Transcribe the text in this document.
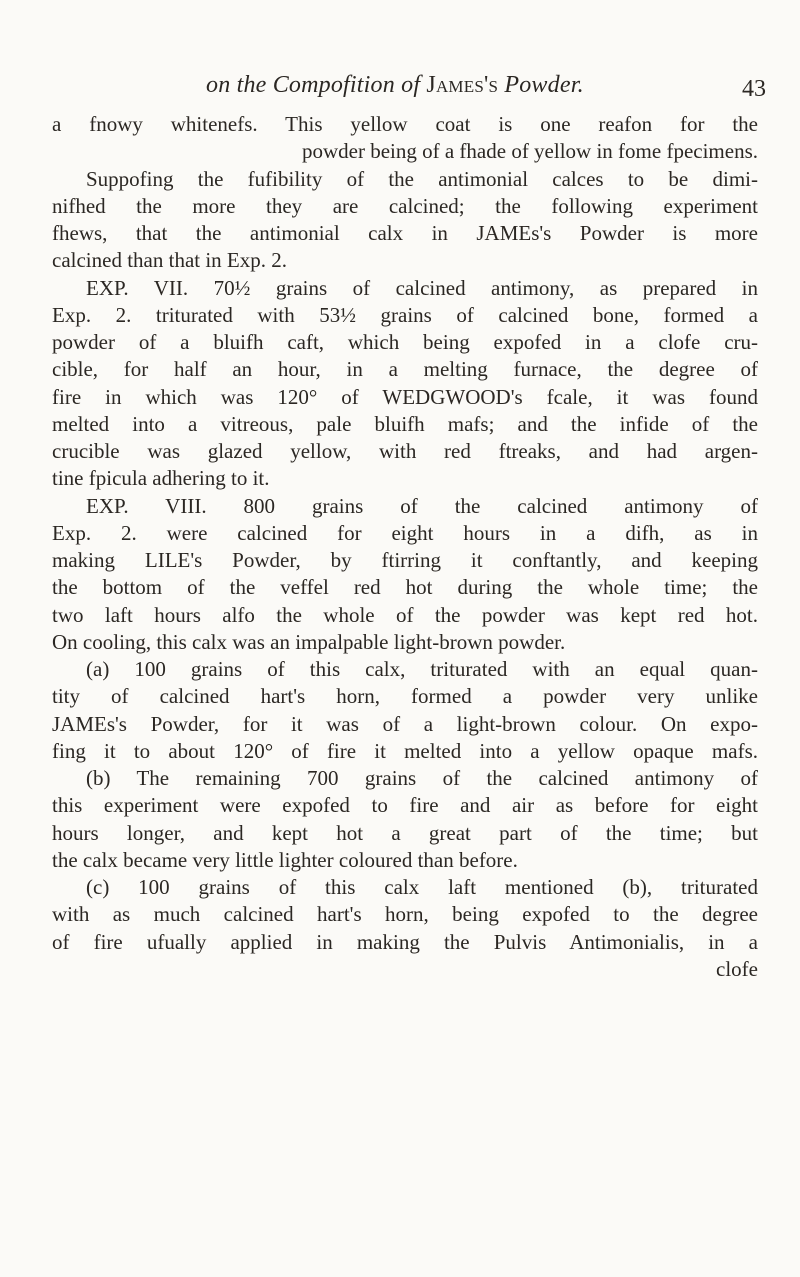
on the Compofition of James's Powder.	43
a fnowy whitenefs. This yellow coat is one reafon for the
powder being of a fhade of yellow in fome fpecimens.
Suppofing the fufibility of the antimonial calces to be dimi-
nifhed the more they are calcined; the following experiment
fhews, that the antimonial calx in JAMEs's Powder is more
calcined than that in Exp. 2.
EXP. VII. 70½ grains of calcined antimony, as prepared in
Exp. 2. triturated with 53½ grains of calcined bone, formed a
powder of a bluifh caft, which being expofed in a clofe cru-
cible, for half an hour, in a melting furnace, the degree of
fire in which was 120° of WEDGWOOD's fcale, it was found
melted into a vitreous, pale bluifh mafs; and the infide of the
crucible was glazed yellow, with red ftreaks, and had argen-
tine fpicula adhering to it.
EXP. VIII. 800 grains of the calcined antimony of
Exp. 2. were calcined for eight hours in a difh, as in
making LILE's Powder, by ftirring it conftantly, and keeping
the bottom of the veffel red hot during the whole time; the
two laft hours alfo the whole of the powder was kept red hot.
On cooling, this calx was an impalpable light-brown powder.
(a) 100 grains of this calx, triturated with an equal quan-
tity of calcined hart's horn, formed a powder very unlike
JAMEs's Powder, for it was of a light-brown colour. On expo-
fing it to about 120° of fire it melted into a yellow opaque mafs.
(b) The remaining 700 grains of the calcined antimony of
this experiment were expofed to fire and air as before for eight
hours longer, and kept hot a great part of the time; but
the calx became very little lighter coloured than before.
(c) 100 grains of this calx laft mentioned (b), triturated
with as much calcined hart's horn, being expofed to the degree
of fire ufually applied in making the Pulvis Antimonialis, in a
clofe
